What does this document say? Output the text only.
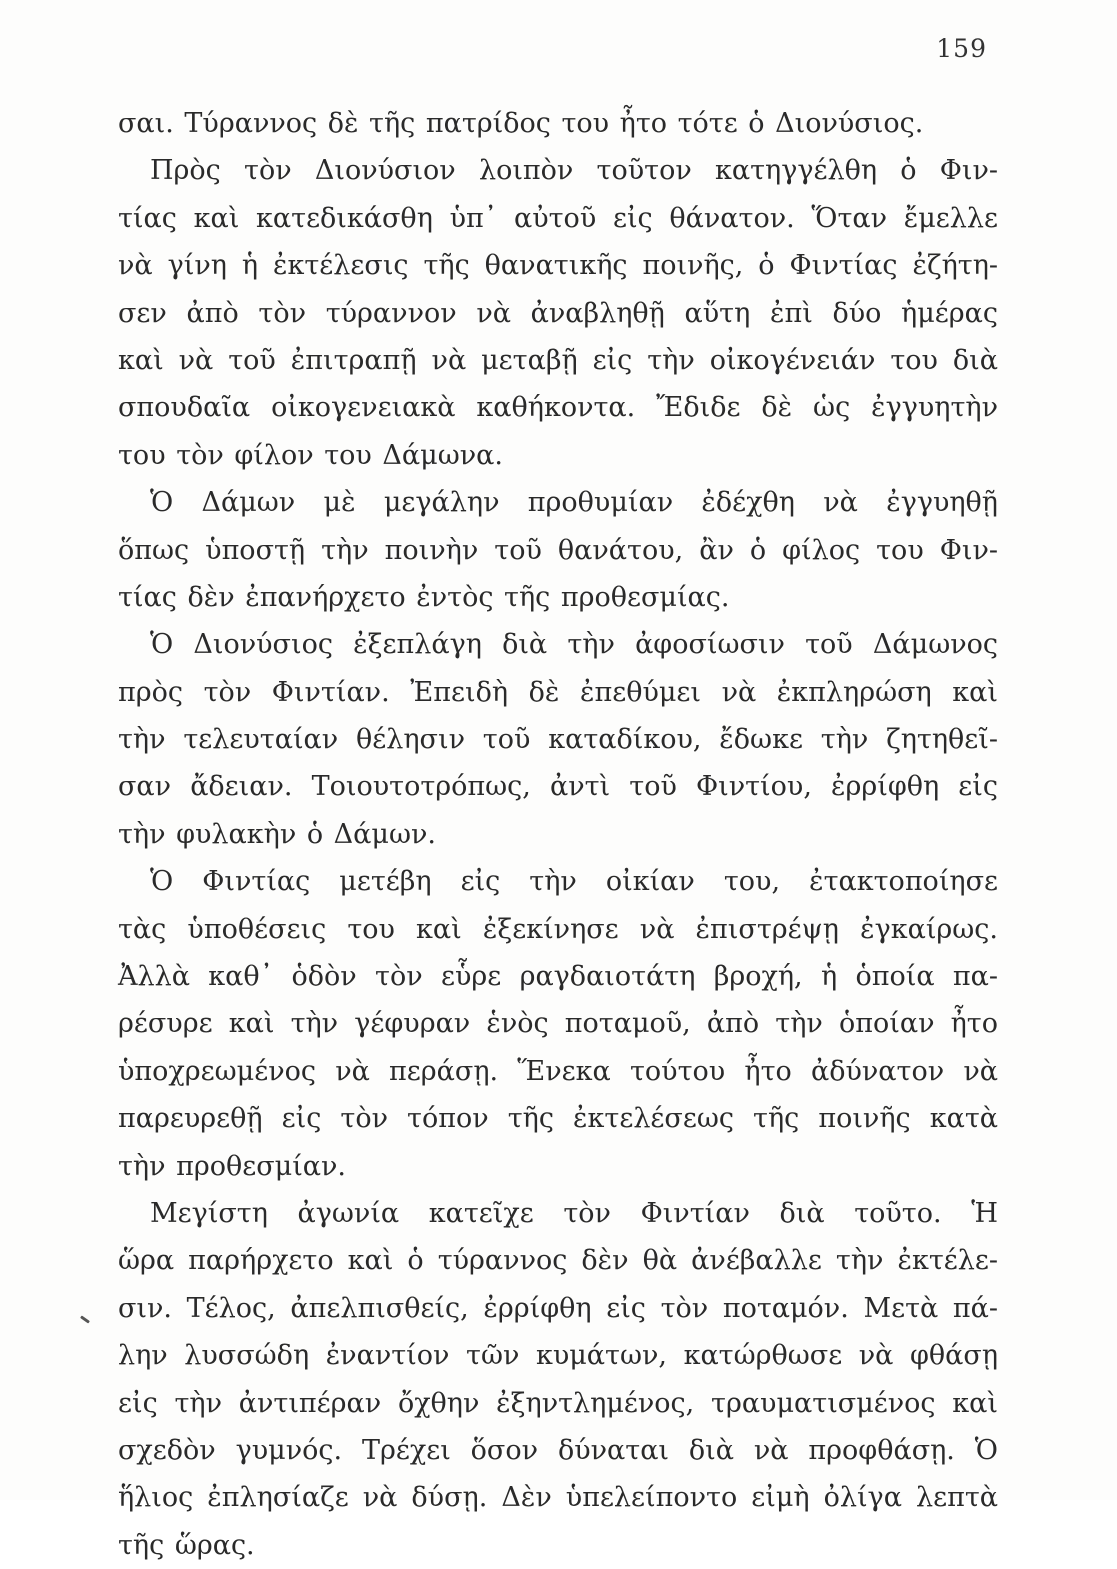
159
σαι. Τύραννος δὲ τῆς πατρίδος του ἦτο τότε ὁ Διονύσιος.
Πρὸς τὸν Διονύσιον λοιπὸν τοῦτον κατηγγέλθη ὁ Φιν-
τίας καὶ κατεδικάσθη ὑπ᾽ αὐτοῦ εἰς θάνατον. Ὅταν ἔμελλε
νὰ γίνη ἡ ἐκτέλεσις τῆς θανατικῆς ποινῆς, ὁ Φιντίας ἐζήτη-
σεν ἀπὸ τὸν τύραννον νὰ ἀναβληθῇ αὕτη ἐπὶ δύο ἡμέρας
καὶ νὰ τοῦ ἐπιτραπῇ νὰ μεταβῇ εἰς τὴν οἰκογένειάν του διὰ
σπουδαῖα οἰκογενειακὰ καθήκοντα. Ἔδιδε δὲ ὡς ἐγγυητὴν
του τὸν φίλον του Δάμωνα.
Ὁ Δάμων μὲ μεγάλην προθυμίαν ἐδέχθη νὰ ἐγγυηθῇ
ὅπως ὑποστῇ τὴν ποινὴν τοῦ θανάτου, ἂν ὁ φίλος του Φιν-
τίας δὲν ἐπανήρχετο ἐντὸς τῆς προθεσμίας.
Ὁ Διονύσιος ἐξεπλάγη διὰ τὴν ἀφοσίωσιν τοῦ Δάμωνος
πρὸς τὸν Φιντίαν. Ἐπειδὴ δὲ ἐπεθύμει νὰ ἐκπληρώση καὶ
τὴν τελευταίαν θέλησιν τοῦ καταδίκου, ἔδωκε τὴν ζητηθεῖ-
σαν ἄδειαν. Τοιουτοτρόπως, ἀντὶ τοῦ Φιντίου, ἐρρίφθη εἰς
τὴν φυλακὴν ὁ Δάμων.
Ὁ Φιντίας μετέβη εἰς τὴν οἰκίαν του, ἐτακτοποίησε
τὰς ὑποθέσεις του καὶ ἐξεκίνησε νὰ ἐπιστρέψῃ ἐγκαίρως.
Ἀλλὰ καθ᾽ ὁδὸν τὸν εὗρε ραγδαιοτάτη βροχή, ἡ ὁποία πα-
ρέσυρε καὶ τὴν γέφυραν ἑνὸς ποταμοῦ, ἀπὸ τὴν ὁποίαν ἦτο
ὑποχρεωμένος νὰ περάσῃ. Ἕνεκα τούτου ἦτο ἀδύνατον νὰ
παρευρεθῇ εἰς τὸν τόπον τῆς ἐκτελέσεως τῆς ποινῆς κατὰ
τὴν προθεσμίαν.
Μεγίστη ἀγωνία κατεῖχε τὸν Φιντίαν διὰ τοῦτο. Ἡ
ὥρα παρήρχετο καὶ ὁ τύραννος δὲν θὰ ἀνέβαλλε τὴν ἐκτέλε-
σιν. Τέλος, ἀπελπισθείς, ἐρρίφθη εἰς τὸν ποταμόν. Μετὰ πά-
λην λυσσώδη ἐναντίον τῶν κυμάτων, κατώρθωσε νὰ φθάσῃ
εἰς τὴν ἀντιπέραν ὄχθην ἐξηντλημένος, τραυματισμένος καὶ
σχεδὸν γυμνός. Τρέχει ὅσον δύναται διὰ νὰ προφθάσῃ. Ὁ
ἥλιος ἐπλησίαζε νὰ δύσῃ. Δὲν ὑπελείποντο εἰμὴ ὀλίγα λεπτὰ
τῆς ὥρας.
